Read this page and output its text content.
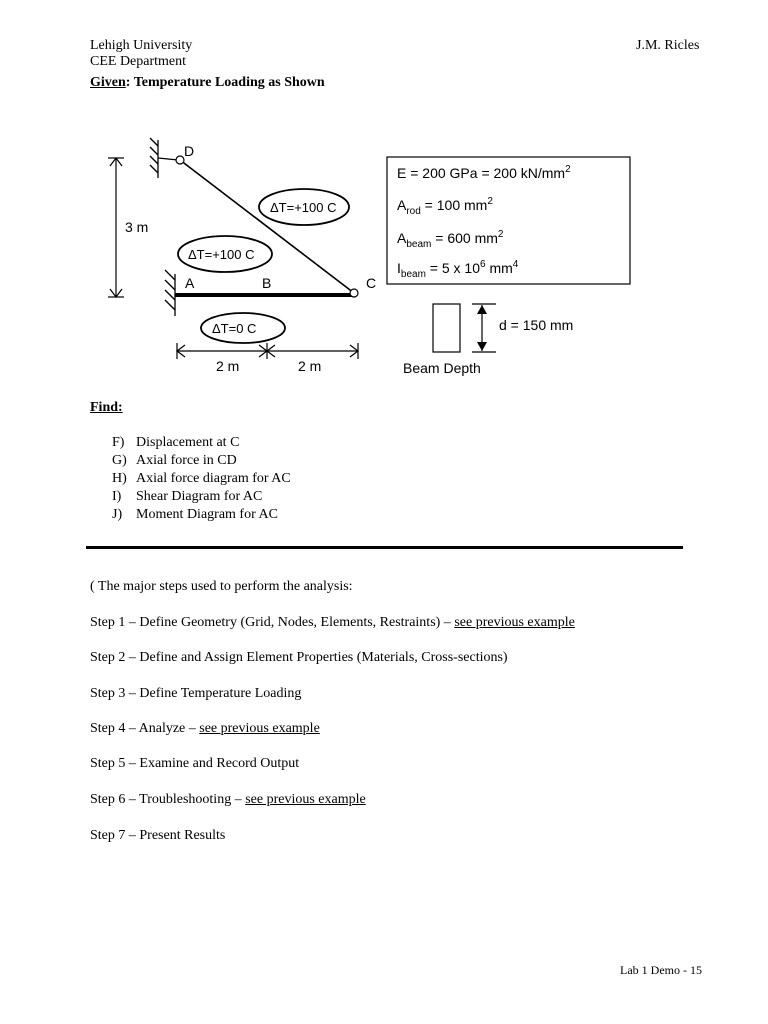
Lehigh University
CEE Department
J.M. Ricles
Given: Temperature Loading as Shown
3 m
2 m	2 m
D
A	B	C
ΔT=+100 C
ΔT=+100 C
ΔT=0 C
E = 200 GPa = 200 $kN/mm^2$
$A_{rod} = 100$ $mm^2$
$A_{beam} = 600$ $mm^2$
$I_{beam} = 5$ x $10^6$ $mm^4$
d = 150 mm
Beam Depth
Find:
F) Displacement at C
G) Axial force in CD
H) Axial force diagram for AC
I)	Shear Diagram for AC
J) Moment Diagram for AC
( The major steps used to perform the analysis:
Step 1 – Define Geometry (Grid, Nodes, Elements, Restraints) – see previous example
Step 2 – Define and Assign Element Properties (Materials, Cross-sections)
Step 3 – Define Temperature Loading
Step 4 – Analyze – see previous example
Step 5 – Examine and Record Output
Step 6 – Troubleshooting – see previous example
Step 7 – Present Results
Lab 1 Demo - 15
